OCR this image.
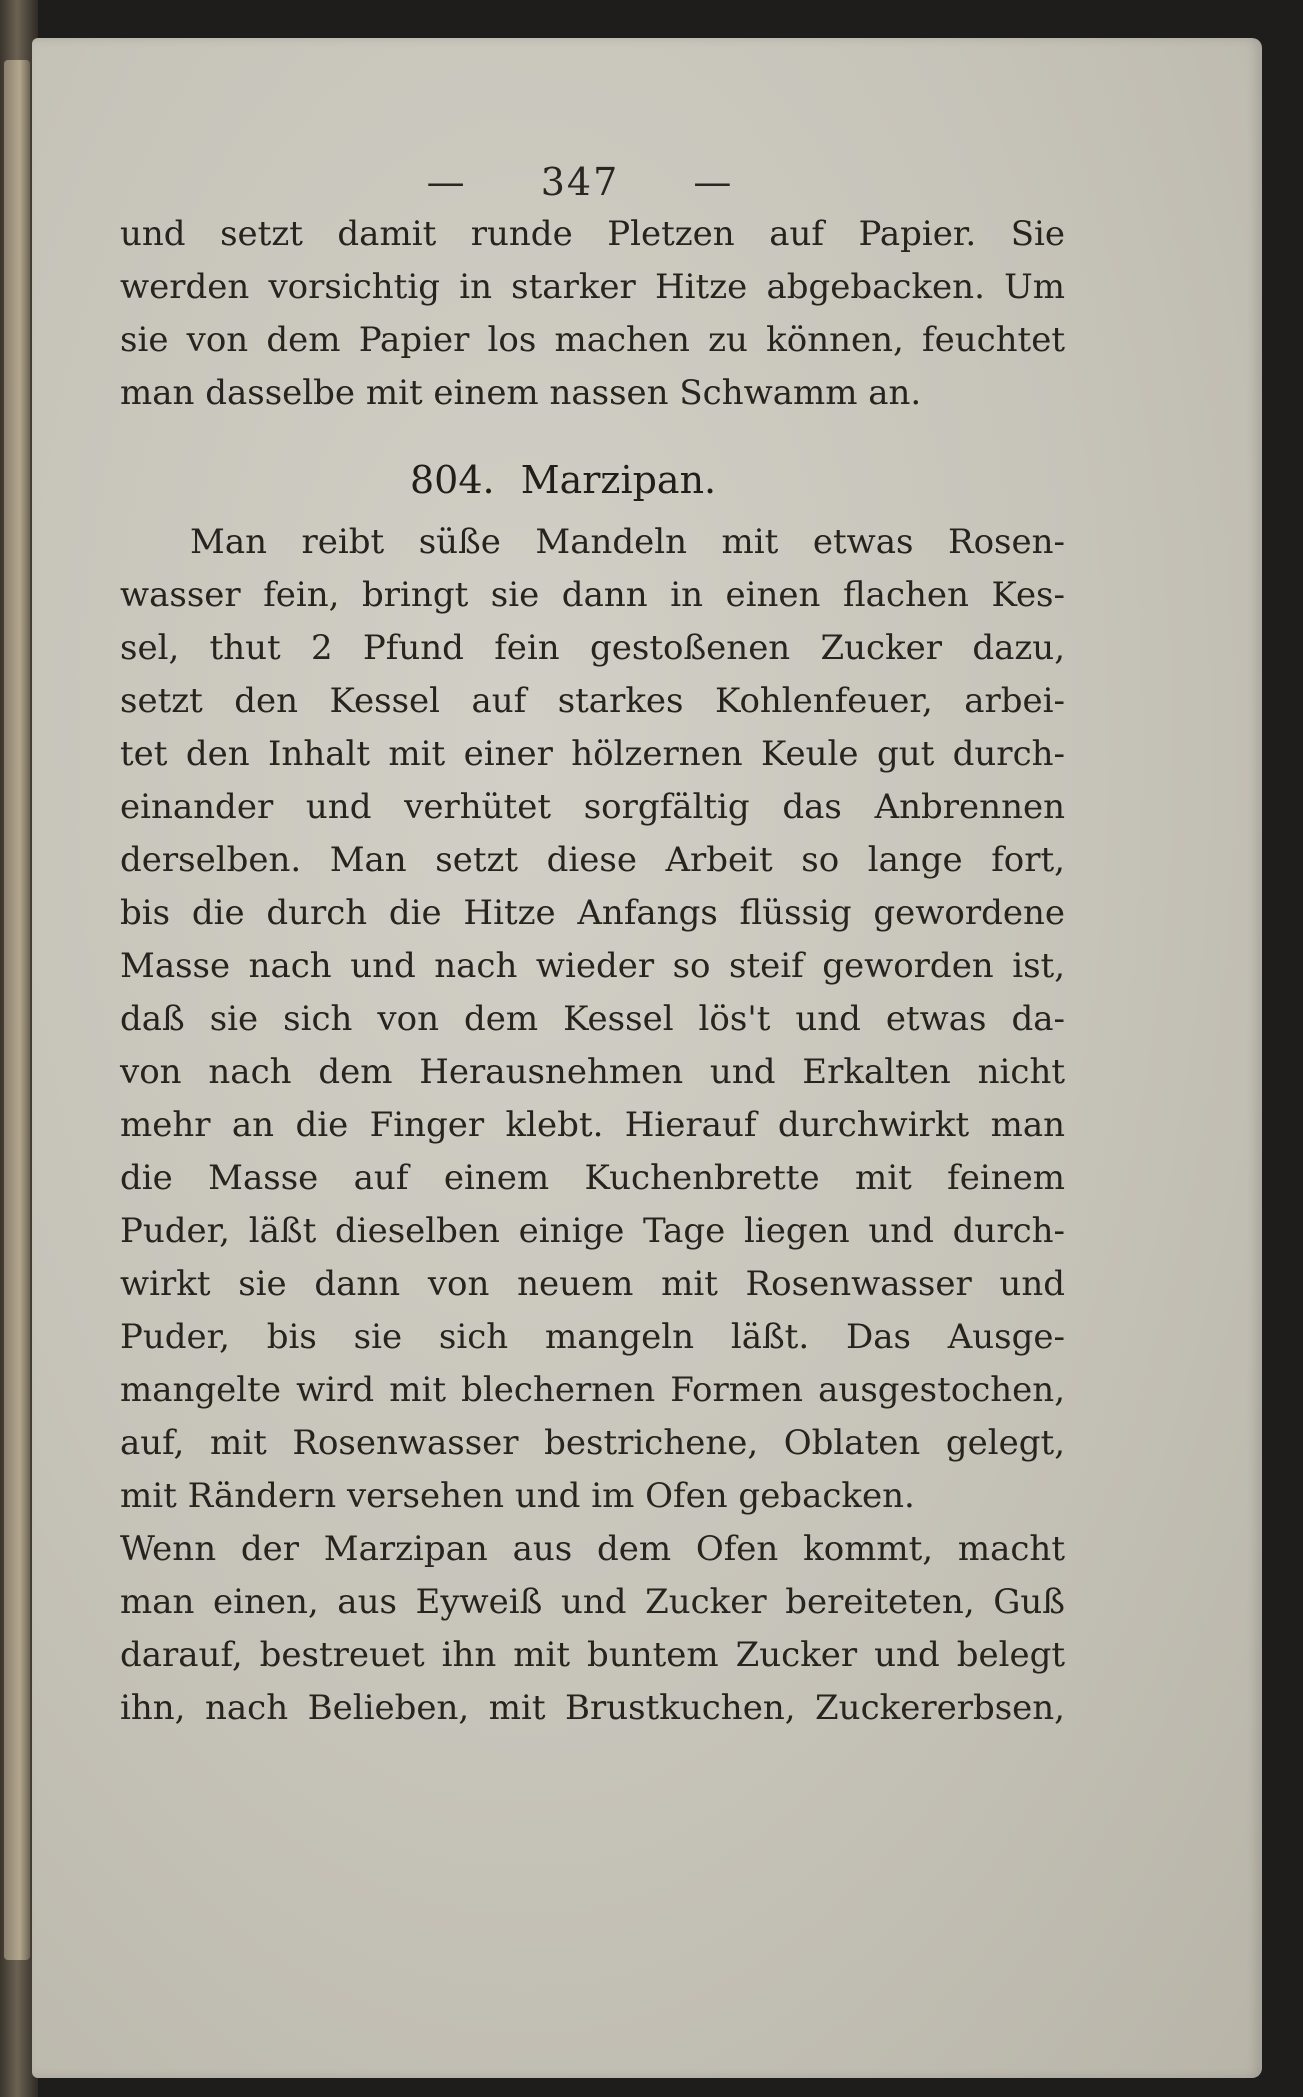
— 347 —
und setzt damit runde Pletzen auf Papier. Sie
werden vorsichtig in starker Hitze abgebacken. Um
sie von dem Papier los machen zu können, feuchtet
man dasselbe mit einem nassen Schwamm an.
804. Marzipan.
Man reibt süße Mandeln mit etwas Rosen-
wasser fein, bringt sie dann in einen flachen Kes-
sel, thut 2 Pfund fein gestoßenen Zucker dazu,
setzt den Kessel auf starkes Kohlenfeuer, arbei-
tet den Inhalt mit einer hölzernen Keule gut durch-
einander und verhütet sorgfältig das Anbrennen
derselben. Man setzt diese Arbeit so lange fort,
bis die durch die Hitze Anfangs flüssig gewordene
Masse nach und nach wieder so steif geworden ist,
daß sie sich von dem Kessel lös't und etwas da-
von nach dem Herausnehmen und Erkalten nicht
mehr an die Finger klebt. Hierauf durchwirkt man
die Masse auf einem Kuchenbrette mit feinem
Puder, läßt dieselben einige Tage liegen und durch-
wirkt sie dann von neuem mit Rosenwasser und
Puder, bis sie sich mangeln läßt. Das Ausge-
mangelte wird mit blechernen Formen ausgestochen,
auf, mit Rosenwasser bestrichene, Oblaten gelegt,
mit Rändern versehen und im Ofen gebacken.
Wenn der Marzipan aus dem Ofen kommt, macht
man einen, aus Eyweiß und Zucker bereiteten, Guß
darauf, bestreuet ihn mit buntem Zucker und belegt
ihn, nach Belieben, mit Brustkuchen, Zuckererbsen,
